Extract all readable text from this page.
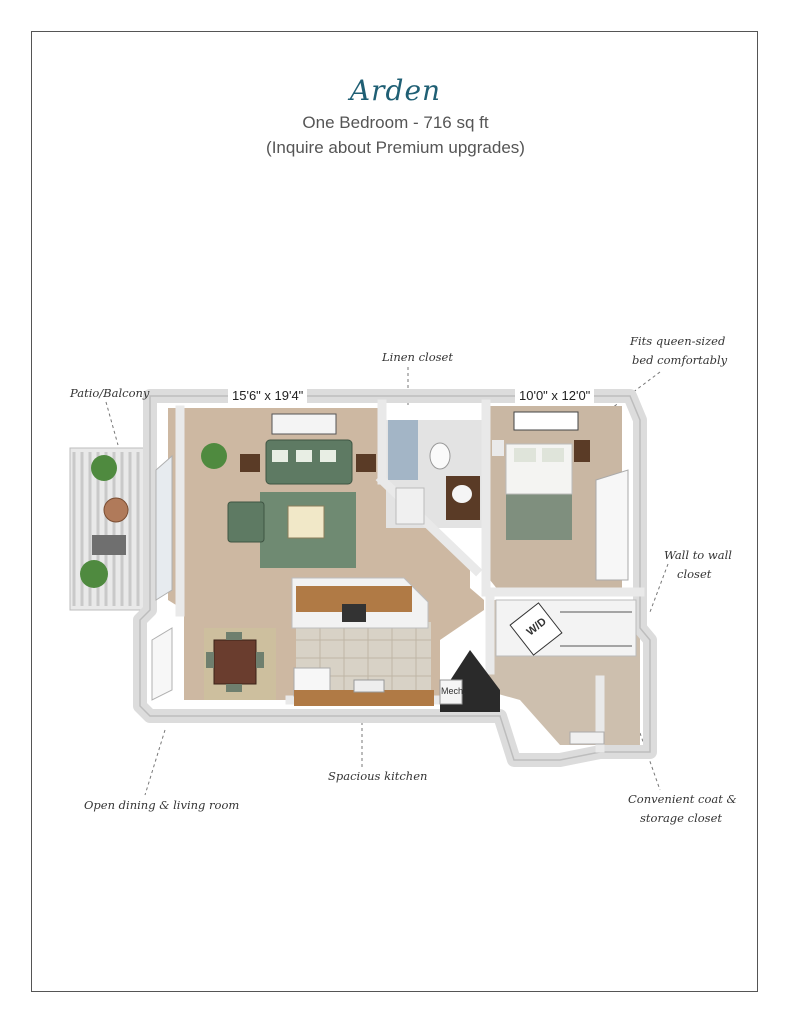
Arden
One Bedroom - 716 sq ft
(Inquire about Premium upgrades)
15'6" x 19'4"	10'0" x 12'0"
W/D
Mech.
Linen closet
Patio/Balcony
Fits queen-sized
bed comfortably
Wall to wall
closet
Spacious kitchen
Open dining & living room	Convenient coat &
storage closet
